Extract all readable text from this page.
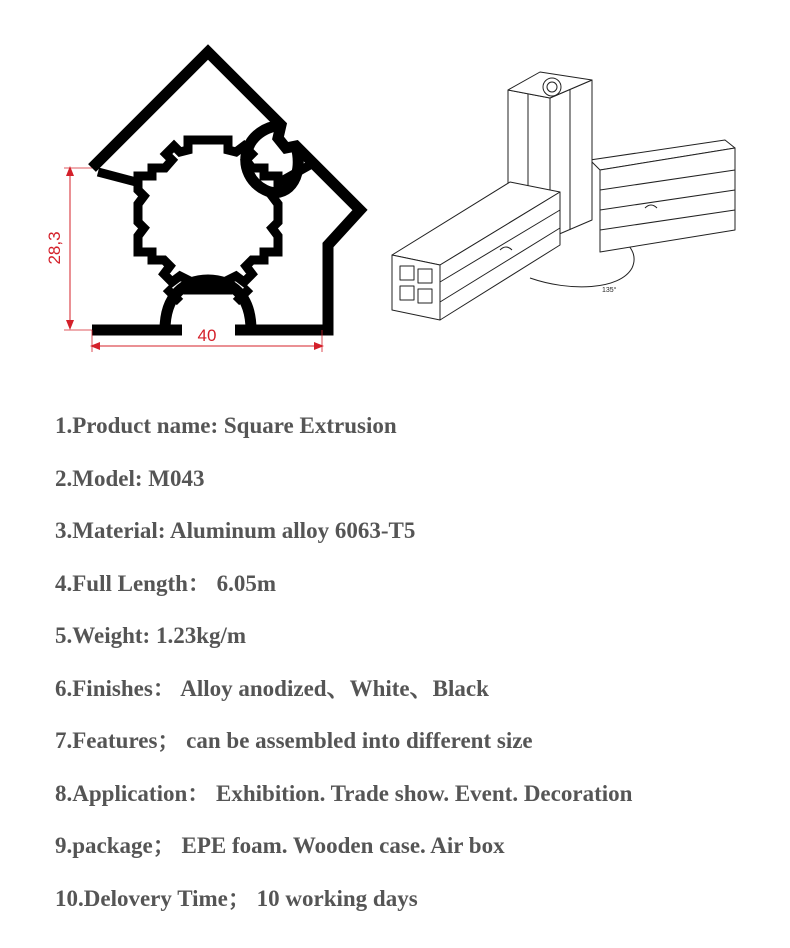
28,3
40
135°
1.Product name: Square Extrusion
2.Model: M043
3.Material: Aluminum alloy 6063-T5
4.Full Length： 6.05m
5.Weight: 1.23kg/m
6.Finishes： Alloy anodized、White、Black
7.Features； can be assembled into different size
8.Application： Exhibition. Trade show. Event. Decoration
9.package； EPE foam. Wooden case. Air box
10.Delovery Time； 10 working days
